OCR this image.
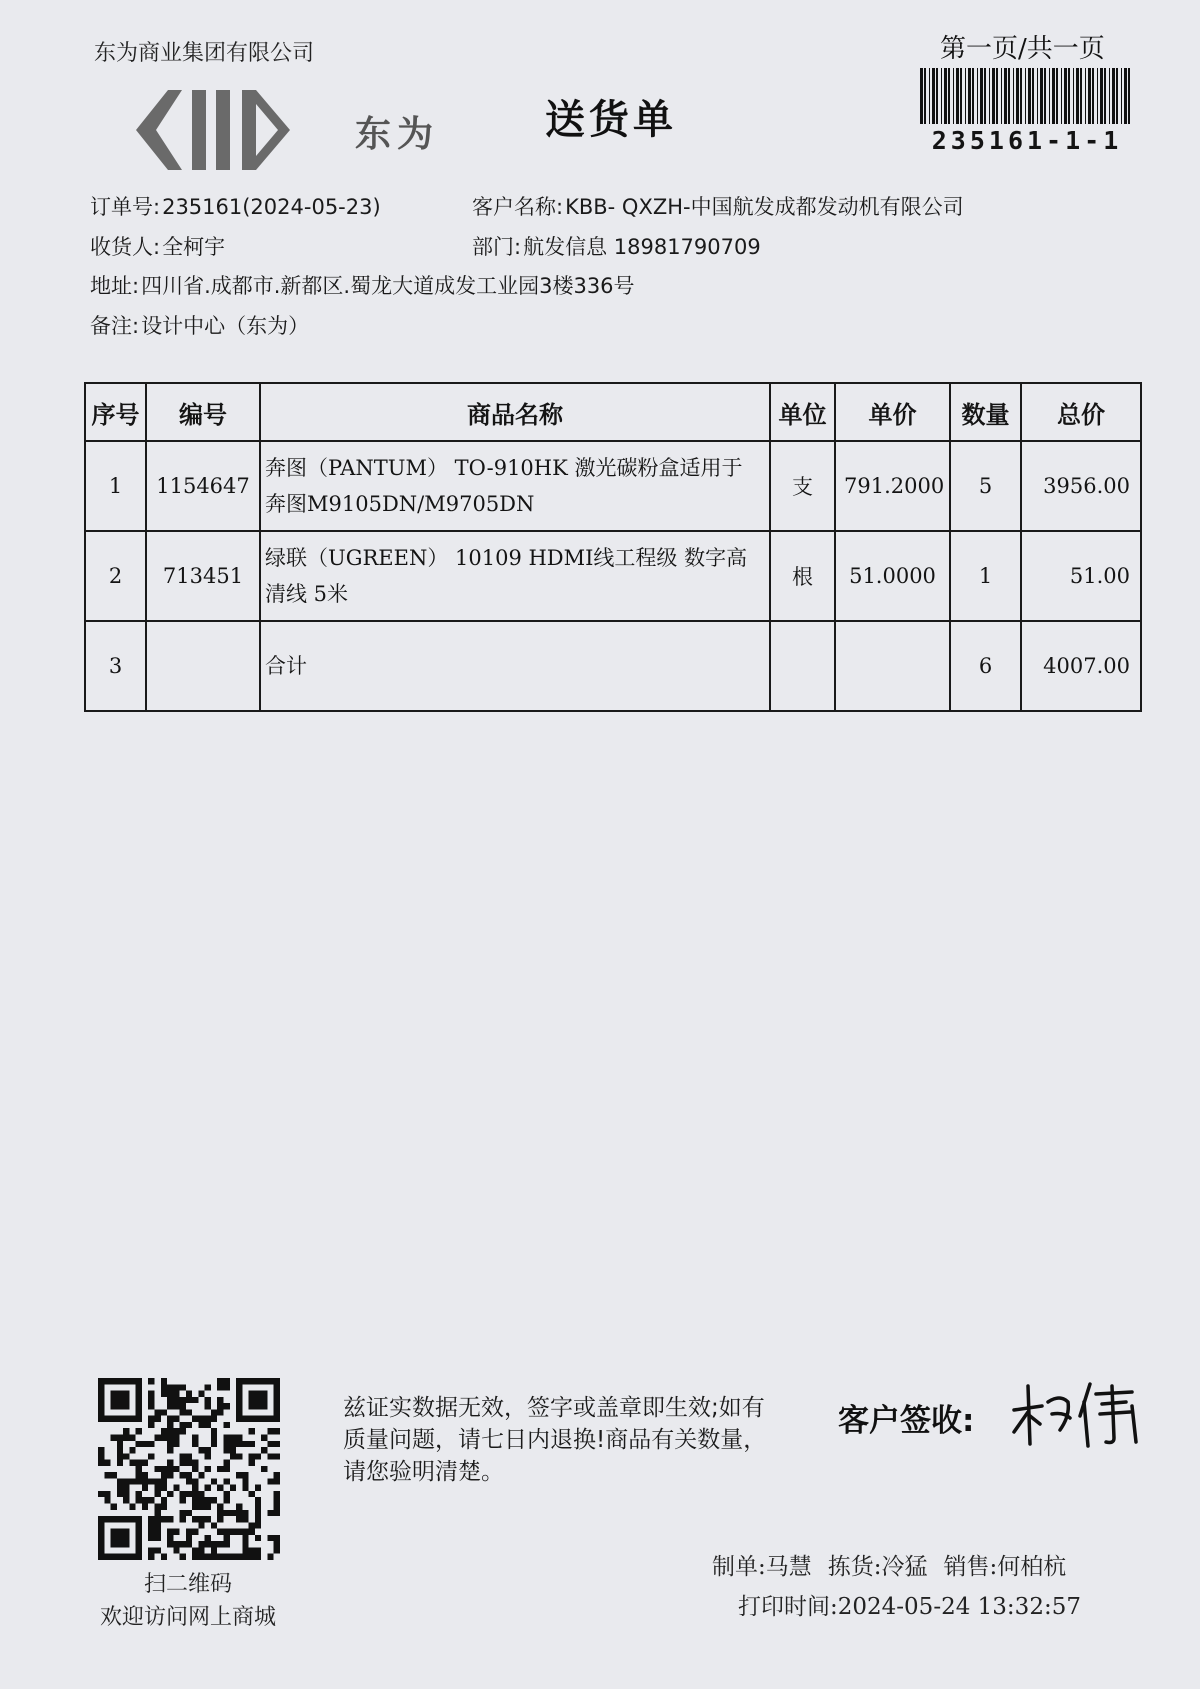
东为商业集团有限公司
东为	送货单
第一页/共一页
235161-1-1
订单号:235161(2024-05-23)	客户名称:KBB- QXZH-中国航发成都发动机有限公司
收货人:全柯宇	部门:航发信息 18981790709
地址:四川省.成都市.新都区.蜀龙大道成发工业园3楼336号
备注:设计中心（东为）
序号	编号	商品名称	单位	单价	数量	总价
1	1154647	奔图（PANTUM） TO-910HK 激光碳粉盒适用于奔图M9105DN/M9705DN	支	791.2000	5	3956.00
2	713451	绿联（UGREEN） 10109 HDMI线工程级 数字高清线 5米	根	51.0000	1	51.00
3		合计			6	4007.00
扫二维码
欢迎访问网上商城
兹证实数据无效，签字或盖章即生效;如有质量问题，请七日内退换!商品有关数量，请您验明清楚。
客户签收:
制单:马慧 拣货:冷猛 销售:何柏杭
打印时间:2024-05-24 13:32:57
